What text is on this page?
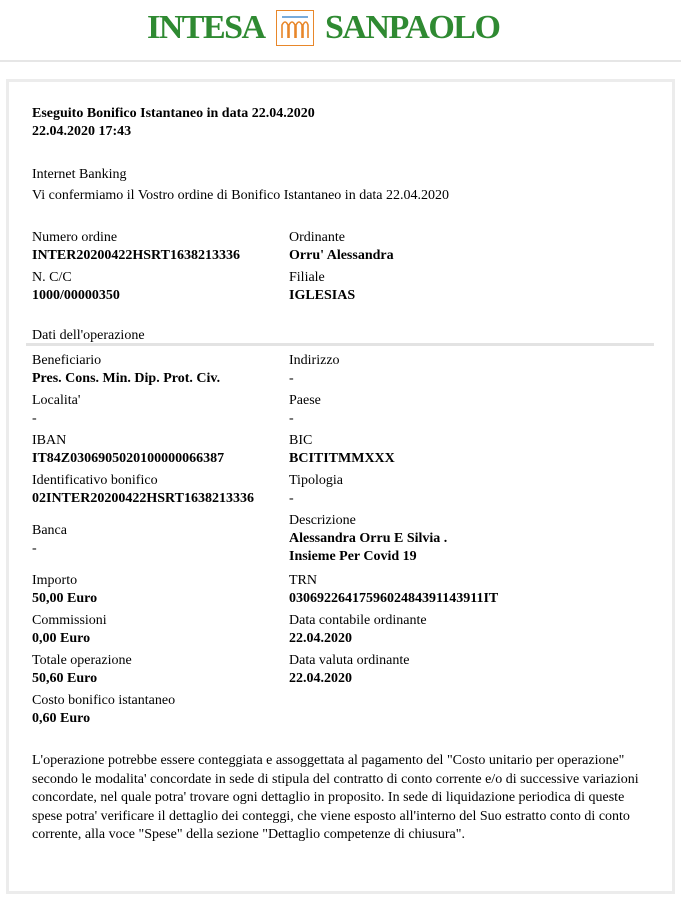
INTESA SANPAOLO
Eseguito Bonifico Istantaneo in data 22.04.2020
22.04.2020 17:43
Internet Banking
Vi confermiamo il Vostro ordine di Bonifico Istantaneo in data 22.04.2020
Numero ordine
INTER20200422HSRT1638213336
Ordinante
Orru' Alessandra
N. C/C
1000/00000350
Filiale
IGLESIAS
Dati dell'operazione
Beneficiario
Pres. Cons. Min. Dip. Prot. Civ.
Indirizzo
-
Localita'
-
Paese
-
IBAN
IT84Z0306905020100000066387
BIC
BCITITMMXXX
Identificativo bonifico
02INTER20200422HSRT1638213336
Tipologia
-
Banca
-
Descrizione
Alessandra Orru E Silvia .
Insieme Per Covid 19
Importo
50,00 Euro
TRN
0306922641759602484391143911IT
Commissioni
0,00 Euro
Data contabile ordinante
22.04.2020
Totale operazione
50,60 Euro
Data valuta ordinante
22.04.2020
Costo bonifico istantaneo
0,60 Euro
L'operazione potrebbe essere conteggiata e assoggettata al pagamento del "Costo unitario per operazione" secondo le modalita' concordate in sede di stipula del contratto di conto corrente e/o di successive variazioni concordate, nel quale potra' trovare ogni dettaglio in proposito. In sede di liquidazione periodica di queste spese potra' verificare il dettaglio dei conteggi, che viene esposto all'interno del Suo estratto conto di conto corrente, alla voce "Spese" della sezione "Dettaglio competenze di chiusura".
